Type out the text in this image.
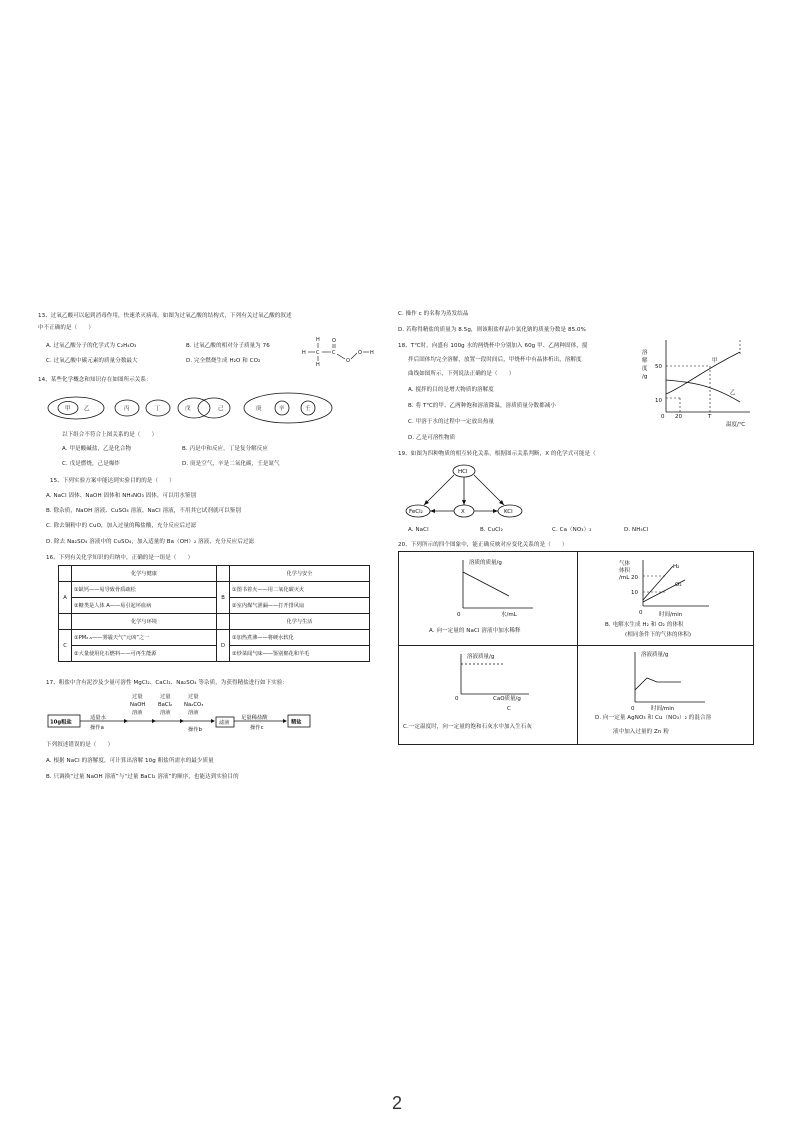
13、过氧乙酸可以起到消毒作用，快速杀灭病毒。如图为过氧乙酸的结构式，下列有关过氧乙酸的叙述
中不正确的是（　　）
A. 过氧乙酸分子的化学式为 C₂H₄O₃	B. 过氧乙酸的相对分子质量为 76
C. 过氧乙酸中碳元素的质量分数最大	D. 完全燃烧生成 H₂O 和 CO₂
H C
H
H
C
O
O
O H
14、某些化学概念和知识存在如图所示关系：
甲 乙	丙	丁	戊	己	庚	辛	壬
以下组合不符合上图关系的是（　　）
A. 甲是酸碱盐，乙是化合物	B. 丙是中和反应，丁是复分解反应
C. 戊是燃烧，己是爆炸	D. 庚是空气，辛是二氧化碳，壬是氮气
15、下列实验方案中能达到实验目的的是（　　）
A. NaCl 固体、NaOH 固体和 NH₄NO₃ 固体，可以用水鉴别
B. 除杂质，NaOH 溶液、CuSO₄ 溶液、NaCl 溶液，不用其它试剂就可以鉴别
C. 除去铜粉中的 CuO，加入过量的稀盐酸，充分反应后过滤
D. 除去 Na₂SO₄ 溶液中的 CuSO₄，加入适量的 Ba（OH）₂ 溶液，充分反应后过滤
16、下列有关化学知识的归纳中，正确的是一组是（　　）
	化学与健康		化学与安全
A	①缺钙——易导致骨质疏松	B	①图书着火——用二氧化碳灭火
	②糖类是人体 A——易引起坏血病		②室内煤气泄漏——打开排风扇
	化学与环境		化学与生活
C	①PM₂.₅——雾霾天气“元凶”之一	D	①加热煮沸——将硬水软化
	②大量使用化石燃料——可再生能源		②炒菜闻气味——鉴别棉花和羊毛
17、粗盐中含有泥沙及少量可溶性 MgCl₂、CaCl₂、Na₂SO₄ 等杂质，为获得精盐进行如下实验：
10g粗盐
适量水
操作a
过量
NaOH
溶液
过量
BaCl₂
溶液
过量
Na₂CO₃
溶液
操作b
滤液
足量稀盐酸
操作c
精盐
下列叙述错误的是（　　）
A. 根据 NaCl 的溶解度，可计算出溶解 10g 粗盐所需水的最少质量
B. 只调换“过量 NaOH 溶液”与“过量 BaCl₂ 溶液”的顺序，也能达到实验目的
C. 操作 c 的名称为蒸发结晶
D. 若称得精盐的质量为 8.5g，则该粗盐样品中氯化钠的质量分数是 85.0%
18、T℃时，向盛有 100g 水的两烧杯中分别加入 60g 甲、乙两种固体，搅
拌后固体均完全溶解，放置一段时间后，甲烧杯中有晶体析出，溶解度
曲线如图所示，下列说法正确的是（　　）
A. 搅拌的目的是增大物质的溶解度
B. 将 T℃的甲、乙两种饱和溶液降温，溶质质量分数都减小
C. 甲溶于水的过程中一定放出热量
D. 乙是可溶性物质
溶
解
度
/g
50
10
0 20	T
温度/℃
甲
乙
19、如图为四种物质的相互转化关系，根据图示关系判断，X 的化学式可能是（
HCl
FeCl₂	X	KCl
A. NaCl	B. CuCl₂	C. Ca（NO₃）₂	D. NH₄Cl
20、下列所示的四个图象中，能正确反映对应变化关系的是（　　）
溶质的质量/g
0	水/mL
A. 向一定量的 NaCl 溶液中加水稀释
气体
体积
/mL 20
10
H₂
O₂
0	时间/min
B. 电解水生成 H₂ 和 O₂ 的体积
(相同条件下的气体的体积)
溶液质量/g
0	CaO质量/g
C
C.一定温度时，向一定量的饱和石灰水中加入生石灰
溶液质量/g
0	时间/min
D. 向一定量 AgNO₃ 和 Cu（NO₃）₂ 的混合溶
液中加入过量的 Zn 粉
2
